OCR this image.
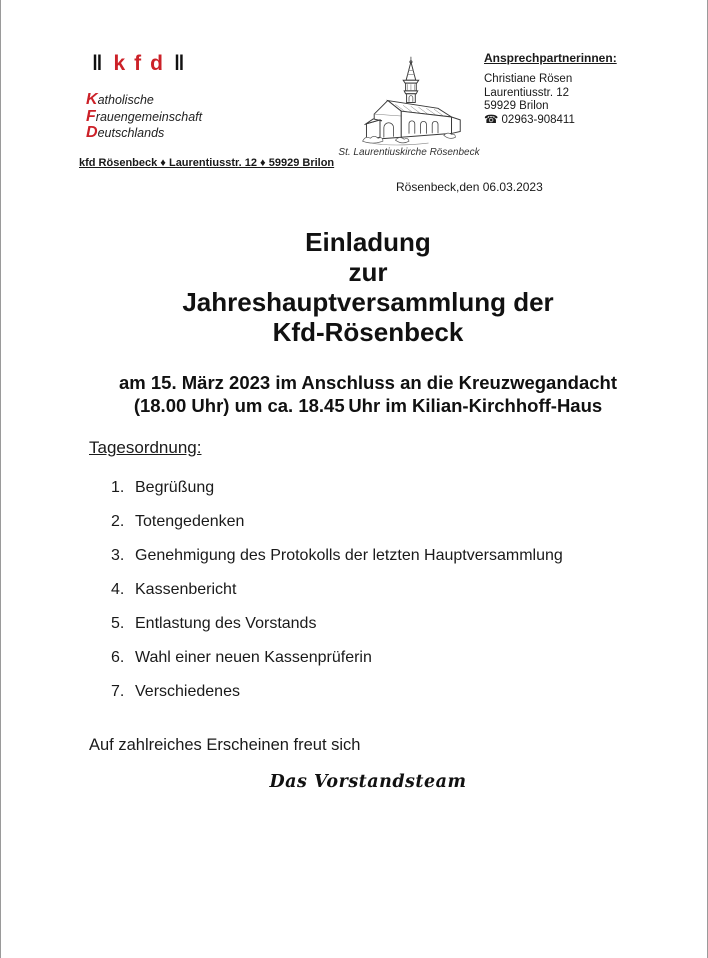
‖ k f d ‖
Katholische
Frauengemeinschaft
Deutschlands
kfd Rösenbeck ♦ Laurentiusstr. 12 ♦ 59929 Brilon
St. Laurentiuskirche Rösenbeck
Ansprechpartnerinnen:
Christiane Rösen
Laurentiusstr. 12
59929 Brilon
☎ 02963-908411
Rösenbeck,den 06.03.2023
Einladung
zur
Jahreshauptversammlung der
Kfd-Rösenbeck
am 15. März 2023 im Anschluss an die Kreuzwegandacht
(18.00 Uhr) um ca. 18.45 Uhr im Kilian-Kirchhoff-Haus
Tagesordnung:
1. Begrüßung
2. Totengedenken
3. Genehmigung des Protokolls der letzten Hauptversammlung
4. Kassenbericht
5. Entlastung des Vorstands
6. Wahl einer neuen Kassenprüferin
7. Verschiedenes
Auf zahlreiches Erscheinen freut sich
Das Vorstandsteam
